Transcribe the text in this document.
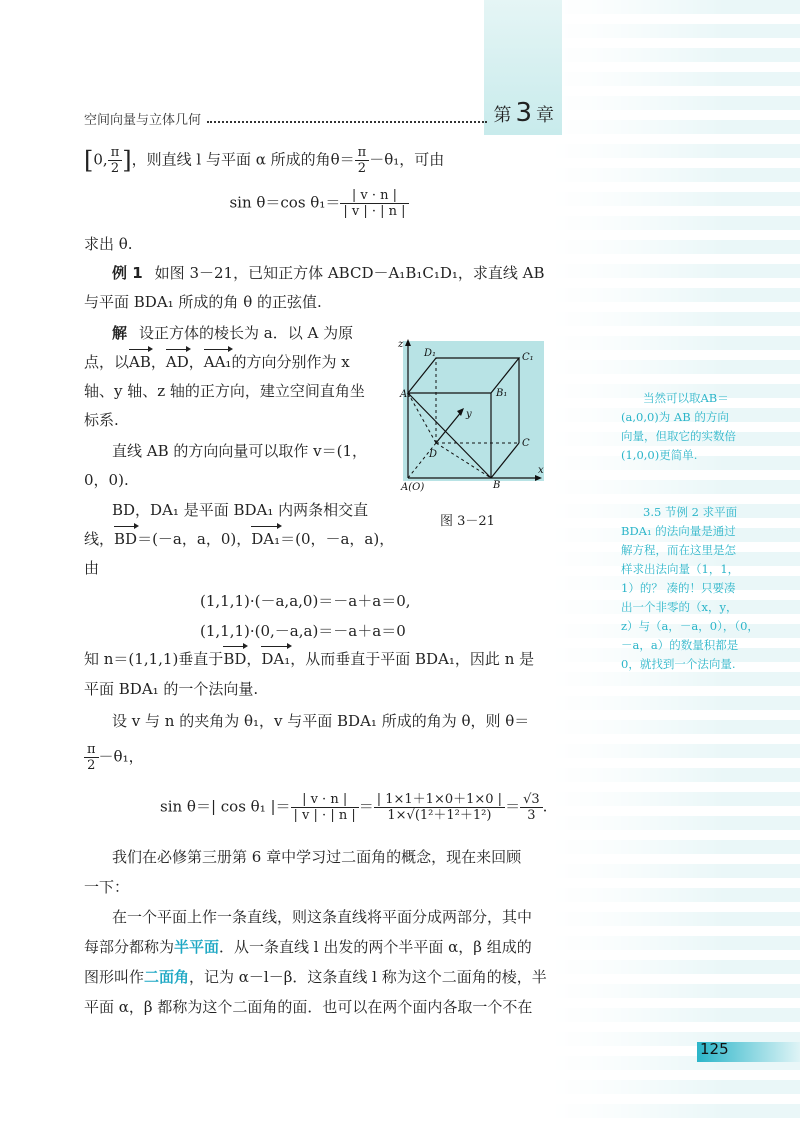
空间向量与立体几何	第 3 章
[0, $\frac{\pi}{2}$ ]，则直线 l 与平面 α 所成的角$\theta= \frac{\pi}{2} -\theta_1$，可由
sin θ＝cos $\theta_1= \frac{| v \cdot n |}{| v | \cdot | n |}$
求出 θ.
例 1 如图 3－21，已知正方体 ABCD－A₁B₁C₁D₁，求直线 AB
与平面 BDA₁ 所成的角 θ 的正弦值.
解 设正方体的棱长为 a．以 A 为原
点，以AB，AD，AA₁的方向分别作为 x
轴、y 轴、z 轴的正方向，建立空间直角坐
标系.
直线 AB 的方向向量可以取作 v＝(1，
0，0).
BD，DA₁ 是平面 BDA₁ 内两条相交直
线，BD＝(－a，a，0)，DA₁＝(0，－a，a)，
由
(1,1,1)·(－a,a,0)＝－a＋a＝0,
(1,1,1)·(0,－a,a)＝－a＋a＝0
知 n＝(1,1,1)垂直于BD，DA₁，从而垂直于平面 BDA₁，因此 n 是
平面 BDA₁ 的一个法向量.
设 v 与 n 的夹角为 θ₁，v 与平面 BDA₁ 所成的角为 θ，则 θ＝
$\frac{\pi}{2} -\theta_1$，
sin θ＝| cos θ₁ |＝ $\frac{| v \cdot n |}{| v | \cdot | n |} = \frac{| 1\times 1+1\times 0+1\times 0 |}{\text{1×√(1²＋1²＋1²)}} = \frac{√3}{3}$ .
我们在必修第三册第 6 章中学习过二面角的概念，现在来回顾
一下：
在一个平面上作一条直线，则这条直线将平面分成两部分，其中
每部分都称为半平面．从一条直线 l 出发的两个半平面 α，β 组成的
图形叫作二面角，记为 α－l－β．这条直线 l 称为这个二面角的棱，半
平面 α，β 都称为这个二面角的面．也可以在两个面内各取一个不在
z
y
x
A(O)	B
C
D
A₁	B₁
C₁
D₁
图 3－21
当然可以取AB＝
(a,0,0)为 AB 的方向
向量，但取它的实数倍
(1,0,0)更简单.
3.5 节例 2 求平面
BDA₁ 的法向量是通过
解方程，而在这里是怎
样求出法向量（1，1，
1）的？ 凑的！只要凑
出一个非零的（x，y，
z）与（a，－a，0），（0，
－a，a）的数量积都是
0，就找到一个法向量.
125
